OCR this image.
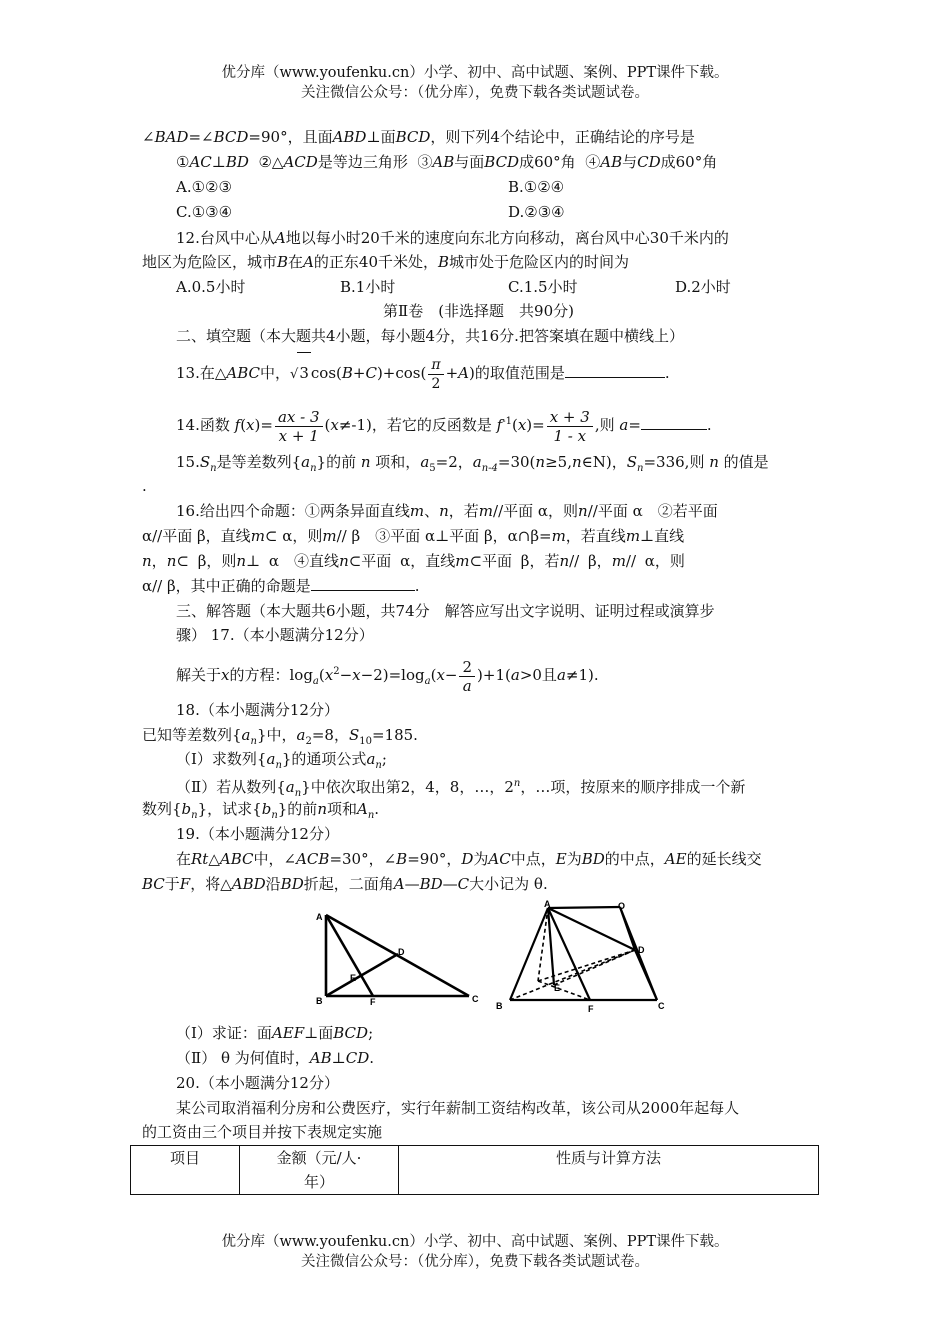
优分库（www.youfenku.cn）小学、初中、高中试题、案例、PPT课件下载。
关注微信公众号：（优分库），免费下载各类试题试卷。
∠BAD=∠BCD=90°，且面ABD⊥面BCD，则下列4个结论中，正确结论的序号是
①AC⊥BD ②△ACD是等边三角形 ③AB与面BCD成60°角 ④AB与CD成60°角
A.①②③	B.①②④
C.①③④	D.②③④
12.台风中心从A地以每小时20千米的速度向东北方向移动，离台风中心30千米内的
地区为危险区，城市B在A的正东40千米处，B城市处于危险区内的时间为
A.0.5小时	B.1小时	C.1.5小时	D.2小时
第Ⅱ卷　(非选择题　共90分)
二、填空题（本大题共4小题，每小题4分，共16分.把答案填在题中横线上）
13.在△ABC中，√3 $\cos(B+C)+\cos( \frac{\pi}{2} +A)$的取值范围是	.
14.函数 $f(x)= \frac{ax - 3}{x + 1} (x\ne-1)$，若它的反函数是 $f^{-1}(x)= \frac{x + 3}{1 - x}$ ,则 a=	.
$15.S_n$是等差数列$\{a_n\}$的前 n 项和，$a_5=2$，$a_{n-4}=30(n\ge 5,n\in N)$，$S_n=336$,则 n 的值是
.
16.给出四个命题：①两条异面直线m、n，若m//平面 α，则n//平面 α　②若平面
α//平面 β，直线m⊂ α，则m// β　③平面 α⊥平面 β，α∩β=m，若直线m⊥直线
n，n⊂ β，则n⊥ α　④直线n⊂平面 α，直线m⊂平面 β，若n// β，m// α，则
α// β，其中正确的命题是	.
三、解答题（本大题共6小题，共74分　解答应写出文字说明、证明过程或演算步
骤） 17.（本小题满分12分）
解关于x的方程：$\log_a(x^2-x-2)=\log_a(x- \frac{2}{a} )+1(a>0$且a≠1).
18.（本小题满分12分）
已知等差数列$\{a_n\}$中，$a_2=8$，$S_{10}=185$.
（Ⅰ）求数列$\{a_n\}$的通项公式$a_n$;
（Ⅱ）若从数列$\{a_n\}$中依次取出第2，4，8，…，2$^n$，…项，按原来的顺序排成一个新
数列$\{b_n\}$，试求$\{b_n\}$的前n项和$A_n$.
19.（本小题满分12分）
在Rt△ABC中，∠ACB=30°，∠B=90°，D为AC中点，E为BD的中点，AE的延长线交
BC于F，将△ABD沿BD折起，二面角A—BD—C大小记为 θ.
A
B	C
D
E
F
A
B	C
D
E
F
O
（Ⅰ）求证：面AEF⊥面BCD;
（Ⅱ） θ 为何值时，AB⊥CD.
20.（本小题满分12分）
某公司取消福利分房和公费医疗，实行年薪制工资结构改革，该公司从2000年起每人
的工资由三个项目并按下表规定实施
项目	金额（元/人·
年）	性质与计算方法
优分库（www.youfenku.cn）小学、初中、高中试题、案例、PPT课件下载。
关注微信公众号：（优分库），免费下载各类试题试卷。
